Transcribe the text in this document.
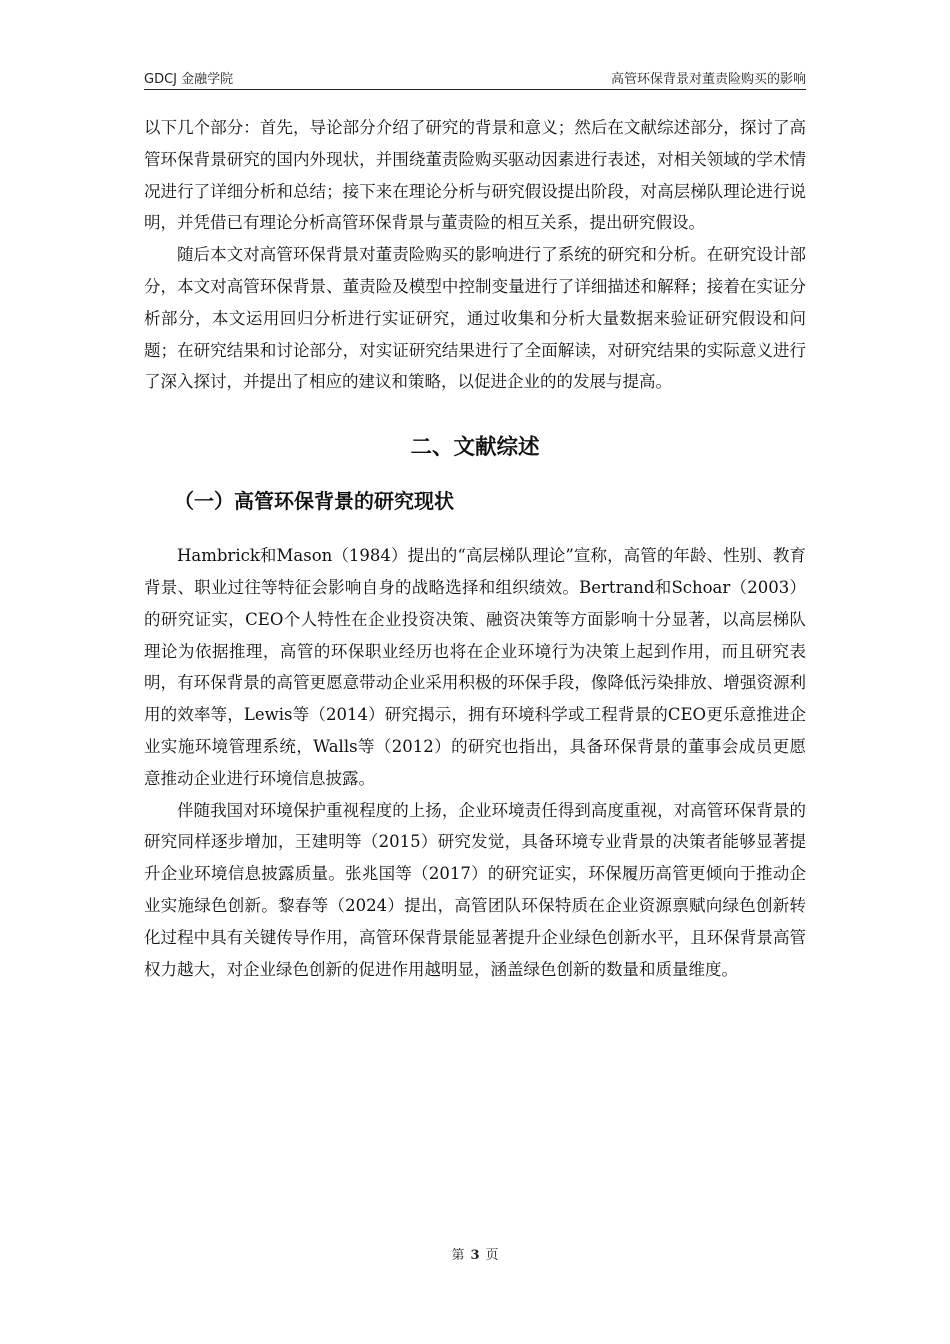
GDCJ 金融学院	高管环保背景对董责险购买的影响

以下几个部分：首先，导论部分介绍了研究的背景和意义；然后在文献综述部分，探讨了高管环保背景研究的国内外现状，并围绕董责险购买驱动因素进行表述，对相关领域的学术情况进行了详细分析和总结；接下来在理论分析与研究假设提出阶段，对高层梯队理论进行说明，并凭借已有理论分析高管环保背景与董责险的相互关系，提出研究假设。

随后本文对高管环保背景对董责险购买的影响进行了系统的研究和分析。在研究设计部分，本文对高管环保背景、董责险及模型中控制变量进行了详细描述和解释；接着在实证分析部分，本文运用回归分析进行实证研究，通过收集和分析大量数据来验证研究假设和问题；在研究结果和讨论部分，对实证研究结果进行了全面解读，对研究结果的实际意义进行了深入探讨，并提出了相应的建议和策略，以促进企业的的发展与提高。

二、文献综述
（一）高管环保背景的研究现状

Hambrick和Mason（1984）提出的“高层梯队理论”宣称，高管的年龄、性别、教育背景、职业过往等特征会影响自身的战略选择和组织绩效。Bertrand和Schoar（2003）的研究证实，CEO个人特性在企业投资决策、融资决策等方面影响十分显著，以高层梯队理论为依据推理，高管的环保职业经历也将在企业环境行为决策上起到作用，而且研究表明，有环保背景的高管更愿意带动企业采用积极的环保手段，像降低污染排放、增强资源利用的效率等，Lewis等（2014）研究揭示，拥有环境科学或工程背景的CEO更乐意推进企业实施环境管理系统，Walls等（2012）的研究也指出，具备环保背景的董事会成员更愿意推动企业进行环境信息披露。

伴随我国对环境保护重视程度的上扬，企业环境责任得到高度重视，对高管环保背景的研究同样逐步增加，王建明等（2015）研究发觉，具备环境专业背景的决策者能够显著提升企业环境信息披露质量。张兆国等（2017）的研究证实，环保履历高管更倾向于推动企业实施绿色创新。黎春等（2024）提出，高管团队环保特质在企业资源禀赋向绿色创新转化过程中具有关键传导作用，高管环保背景能显著提升企业绿色创新水平，且环保背景高管权力越大，对企业绿色创新的促进作用越明显，涵盖绿色创新的数量和质量维度。

第 3 页
